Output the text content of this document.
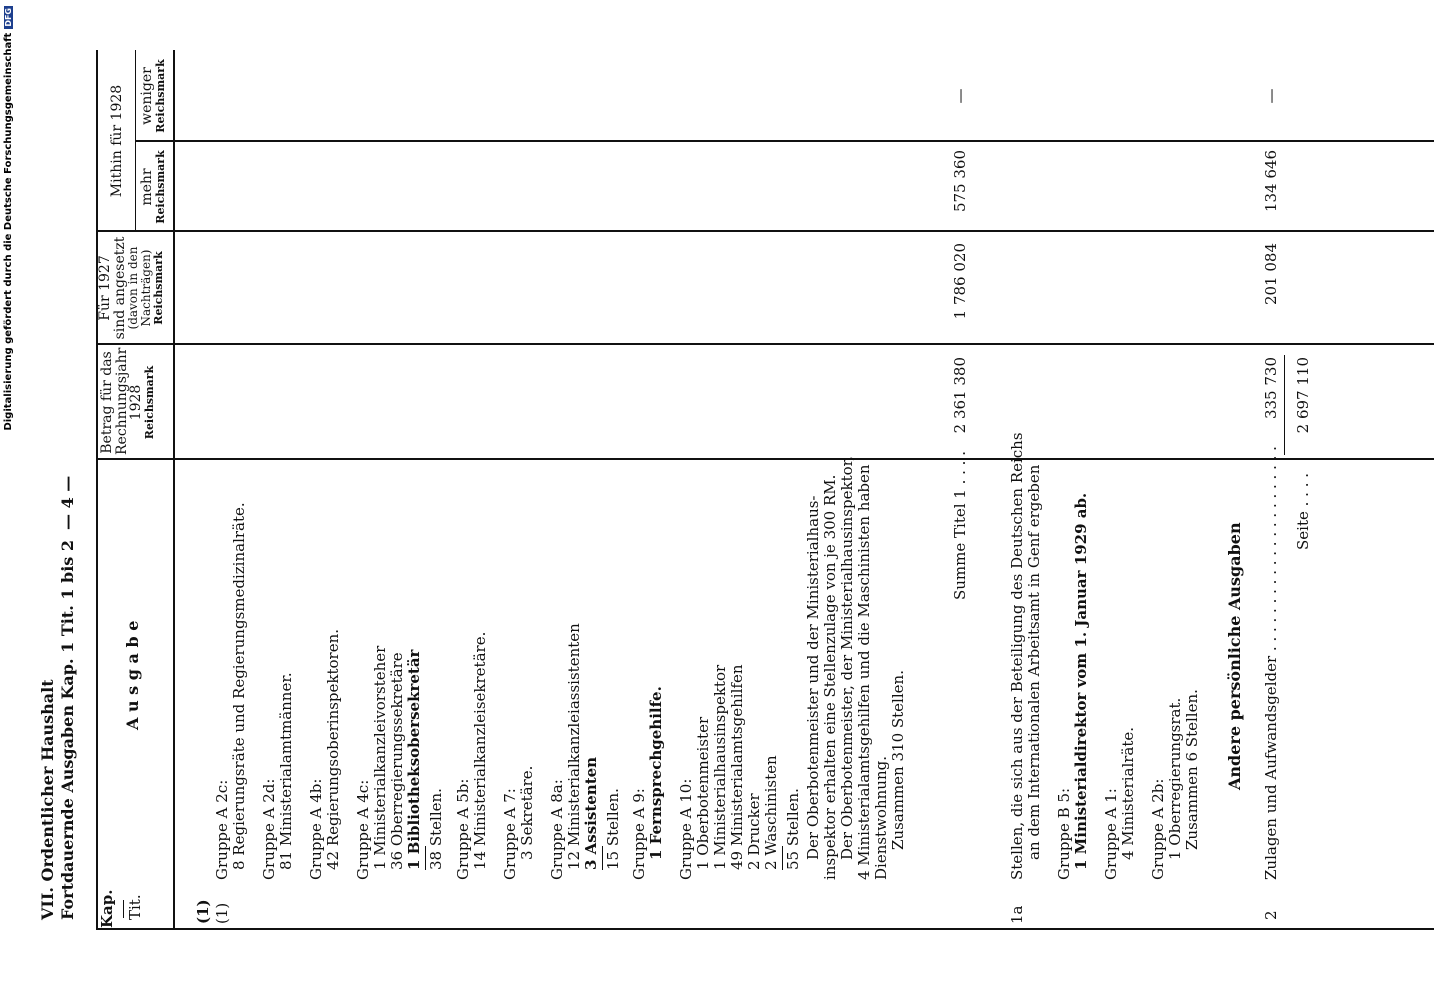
VII. Ordentlicher Haushalt Fortdauernde Ausgaben Kap. 1 Tit. 1 bis 2
— 4 —
Kap. Tit.
A u s g a b e
Betrag für das
Rechnungsjahr
1928
Reichsmark
Für 1927
sind angesetzt
(davon in den
Nachträgen)
Reichsmark
Mithin für 1928 mehr
Reichsmark
weniger
Reichsmark
(1) (1)
Gruppe A 2c: 8 Regierungsräte und Regierungsmedizinalräte. Gruppe A 2d: 81 Ministerialamtmänner. Gruppe A 4b: 42 Regierungsoberinspektoren. Gruppe A 4c: 1 Ministerialkanzleivorsteher 36 Oberregierungssekretäre 1 Bibliotheksobersekretär 38 Stellen. Gruppe A 5b: 14 Ministerialkanzleisekretäre. Gruppe A 7: 3 Sekretäre. Gruppe A 8a: 12 Ministerialkanzleiassistenten 3 Assistenten 15 Stellen. Gruppe A 9: 1 Fernsprechgehilfe. Gruppe A 10: 1 Oberbotenmeister 1 Ministerialhausinspektor 49 Ministerialamtsgehilfen 2 Drucker 2 Waschinisten 55 Stellen. Der Oberbotenmeister und der Ministerialhaus- inspektor erhalten eine Stellenzulage von je 300 RM. Der Oberbotenmeister, der Ministerialhausinspektor, 4 Ministerialamtsgehilfen und die Maschinisten haben Dienstwohnung. Zusammen 310 Stellen.
Summe Titel 1 . . . .
2 361 380
1 786 020
575 360
—
1a
Stellen, die sich aus der Beteiligung des Deutschen Reichs an dem Internationalen Arbeitsamt in Genf ergeben Gruppe B 5: 1 Ministerialdirektor vom 1. Januar 1929 ab. Gruppe A 1: 4 Ministerialräte. Gruppe A 2b: 1 Oberregierungsrat. Zusammen 6 Stellen. Andere persönliche Ausgaben
2
Zulagen und Aufwandsgelder . . . . . . . . . . . . . . . . . . . . . .
335 730
201 084
134 646
—
Seite . . . .
2 697 110
Digitalisierung gefördert durch die Deutsche Forschungsgemeinschaft
DFG
